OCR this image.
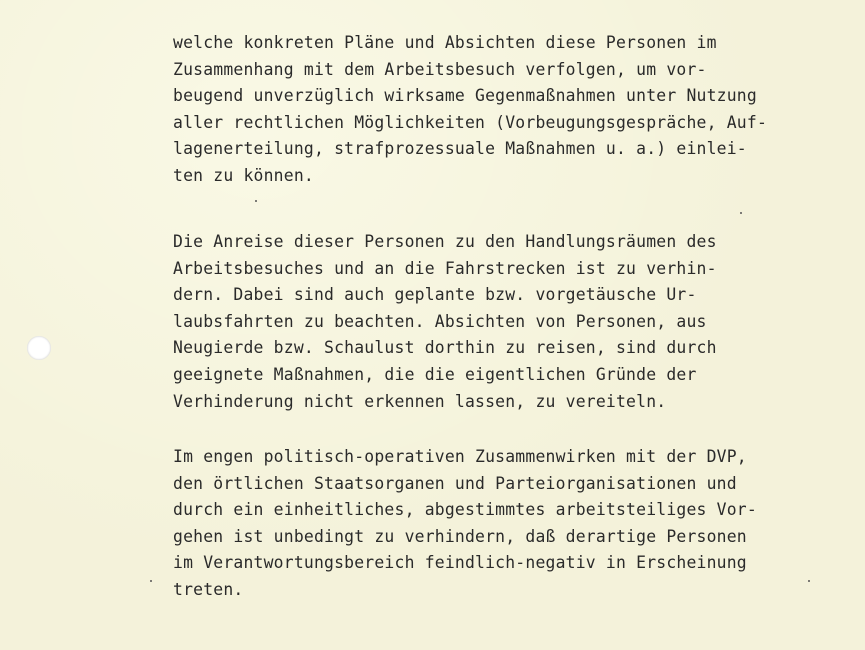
welche konkreten Pläne und Absichten diese Personen im
Zusammenhang mit dem Arbeitsbesuch verfolgen, um vor-
beugend unverzüglich wirksame Gegenmaßnahmen unter Nutzung
aller rechtlichen Möglichkeiten (Vorbeugungsgespräche, Auf-
lagenerteilung, strafprozessuale Maßnahmen u. a.) einlei-
ten zu können.
Die Anreise dieser Personen zu den Handlungsräumen des
Arbeitsbesuches und an die Fahrstrecken ist zu verhin-
dern. Dabei sind auch geplante bzw. vorgetäusche Ur-
laubsfahrten zu beachten. Absichten von Personen, aus
Neugierde bzw. Schaulust dorthin zu reisen, sind durch
geeignete Maßnahmen, die die eigentlichen Gründe der
Verhinderung nicht erkennen lassen, zu vereiteln.
Im engen politisch-operativen Zusammenwirken mit der DVP,
den örtlichen Staatsorganen und Parteiorganisationen und
durch ein einheitliches, abgestimmtes arbeitsteiliges Vor-
gehen ist unbedingt zu verhindern, daß derartige Personen
im Verantwortungsbereich feindlich-negativ in Erscheinung
treten.
